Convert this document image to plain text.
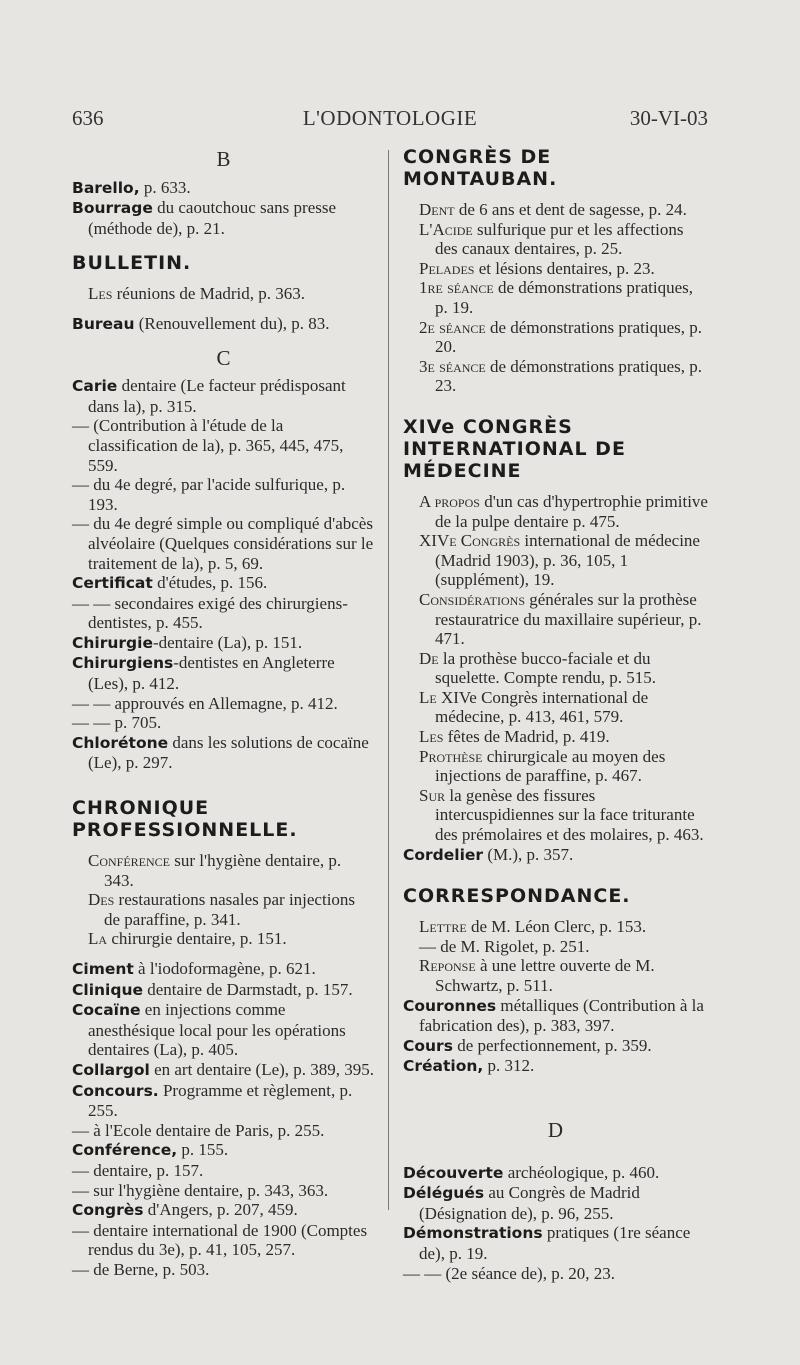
636	L'ODONTOLOGIE	30-VI-03
B

Barello, p. 633.

Bourrage du caoutchouc sans presse (méthode de), p. 21.

BULLETIN.

Les réunions de Madrid, p. 363.

Bureau (Renouvellement du), p. 83.

C

Carie dentaire (Le facteur prédisposant dans la), p. 315.

— (Contribution à l'étude de la classification de la), p. 365, 445, 475, 559.

— du 4e degré, par l'acide sulfurique, p. 193.

— du 4e degré simple ou compliqué d'abcès alvéolaire (Quelques considérations sur le traitement de la), p. 5, 69.

Certificat d'études, p. 156.

— — secondaires exigé des chirurgiens-dentistes, p. 455.

Chirurgie-dentaire (La), p. 151.

Chirurgiens-dentistes en Angleterre (Les), p. 412.

— — approuvés en Allemagne, p. 412.

— — p. 705.

Chlorétone dans les solutions de cocaïne (Le), p. 297.

CHRONIQUE PROFESSIONNELLE.

Conférence sur l'hygiène dentaire, p. 343.

Des restaurations nasales par injections de paraffine, p. 341.

La chirurgie dentaire, p. 151.

Ciment à l'iodoformagène, p. 621.

Clinique dentaire de Darmstadt, p. 157.

Cocaïne en injections comme anesthésique local pour les opérations dentaires (La), p. 405.

Collargol en art dentaire (Le), p. 389, 395.

Concours. Programme et règlement, p. 255.

— à l'Ecole dentaire de Paris, p. 255.

Conférence, p. 155.

— dentaire, p. 157.

— sur l'hygiène dentaire, p. 343, 363.

Congrès d'Angers, p. 207, 459.

— dentaire international de 1900 (Comptes rendus du 3e), p. 41, 105, 257.

— de Berne, p. 503.

CONGRÈS DE MONTAUBAN.

Dent de 6 ans et dent de sagesse, p. 24.

L'Acide sulfurique pur et les affections des canaux dentaires, p. 25.

Pelades et lésions dentaires, p. 23.

1re séance de démonstrations pratiques, p. 19.

2e séance de démonstrations pratiques, p. 20.

3e séance de démonstrations pratiques, p. 23.

XIVe CONGRÈS INTERNATIONAL DE MÉDECINE

A propos d'un cas d'hypertrophie primitive de la pulpe dentaire p. 475.

XIVe Congrès international de médecine (Madrid 1903), p. 36, 105, 1 (supplément), 19.

Considérations générales sur la prothèse restauratrice du maxillaire supérieur, p. 471.

De la prothèse bucco-faciale et du squelette. Compte rendu, p. 515.

Le XIVe Congrès international de médecine, p. 413, 461, 579.

Les fêtes de Madrid, p. 419.

Prothèse chirurgicale au moyen des injections de paraffine, p. 467.

Sur la genèse des fissures intercuspidiennes sur la face triturante des prémolaires et des molaires, p. 463.

Cordelier (M.), p. 357.

CORRESPONDANCE.

Lettre de M. Léon Clerc, p. 153.

— de M. Rigolet, p. 251.

Reponse à une lettre ouverte de M. Schwartz, p. 511.

Couronnes métalliques (Contribution à la fabrication des), p. 383, 397.

Cours de perfectionnement, p. 359.

Création, p. 312.

D

Découverte archéologique, p. 460.

Délégués au Congrès de Madrid (Désignation de), p. 96, 255.

Démonstrations pratiques (1re séance de), p. 19.

— — (2e séance de), p. 20, 23.
